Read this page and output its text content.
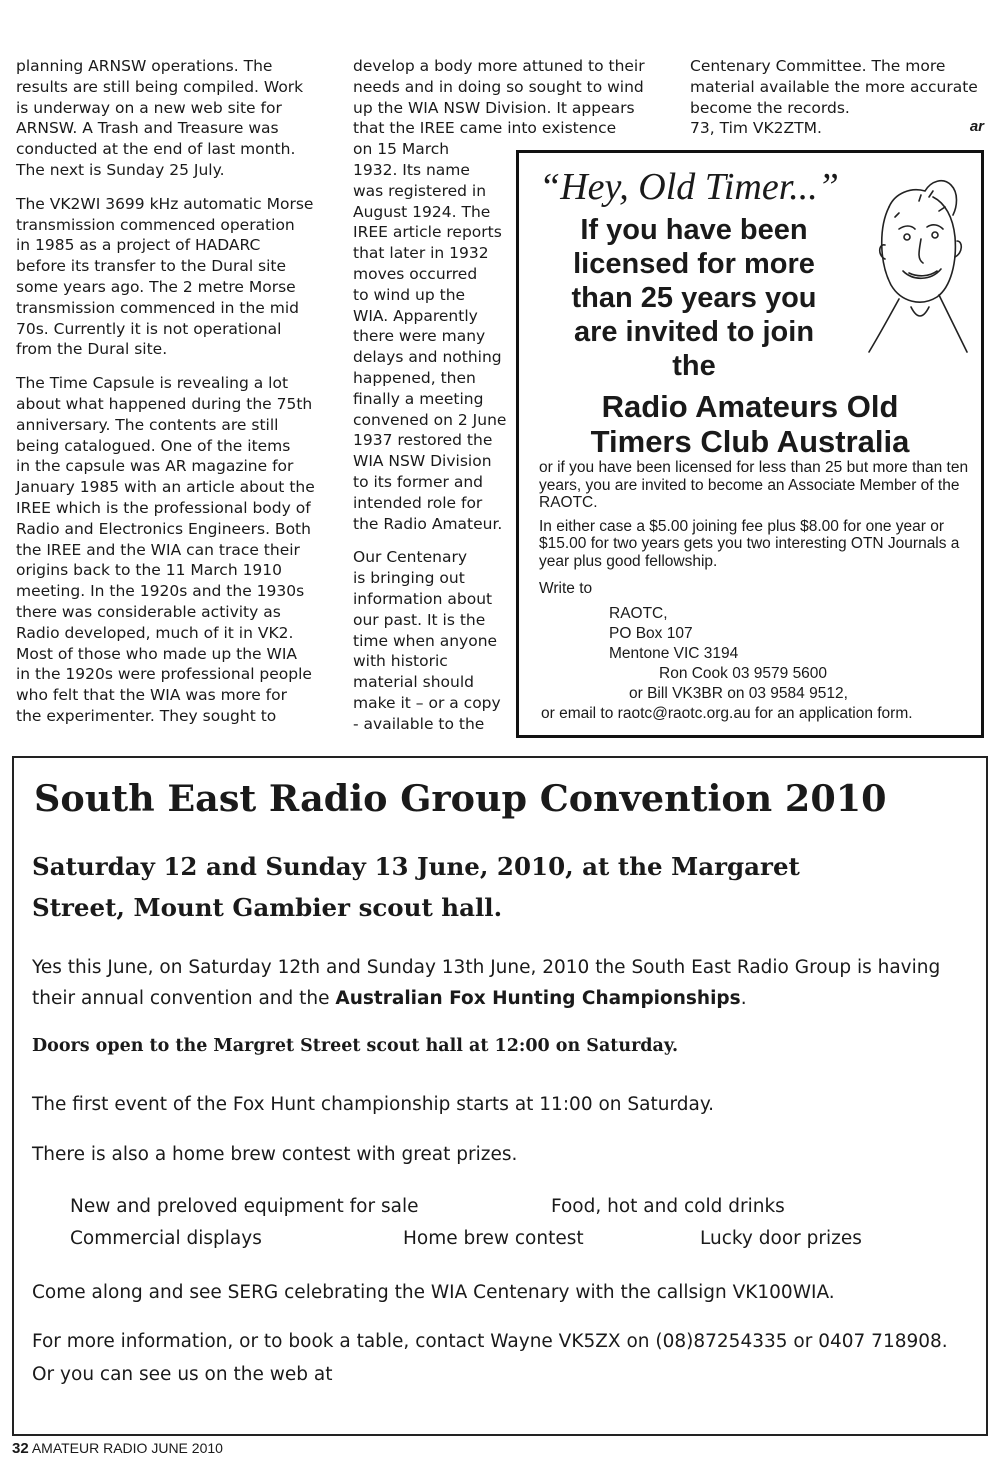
planning ARNSW operations. The

results are still being compiled. Work

is underway on a new web site for

ARNSW. A Trash and Treasure was

conducted at the end of last month.

The next is Sunday 25 July.

The VK2WI 3699 kHz automatic Morse

transmission commenced operation

in 1985 as a project of HADARC

before its transfer to the Dural site

some years ago. The 2 metre Morse

transmission commenced in the mid

70s. Currently it is not operational

from the Dural site.

The Time Capsule is revealing a lot

about what happened during the 75th

anniversary. The contents are still

being catalogued. One of the items

in the capsule was AR magazine for

January 1985 with an article about the

IREE which is the professional body of

Radio and Electronics Engineers. Both

the IREE and the WIA can trace their

origins back to the 11 March 1910

meeting. In the 1920s and the 1930s

there was considerable activity as

Radio developed, much of it in VK2.

Most of those who made up the WIA

in the 1920s were professional people

who felt that the WIA was more for

the experimenter. They sought to

develop a body more attuned to their

needs and in doing so sought to wind

up the WIA NSW Division. It appears

that the IREE came into existence

on 15 March

1932. Its name

was registered in

August 1924. The

IREE article reports

that later in 1932

moves occurred

to wind up the

WIA. Apparently

there were many

delays and nothing

happened, then

finally a meeting

convened on 2 June

1937 restored the

WIA NSW Division

to its former and

intended role for

the Radio Amateur.

Our Centenary

is bringing out

information about

our past. It is the

time when anyone

with historic

material should

make it – or a copy

- available to the

Centenary Committee. The more

material available the more accurate

become the records.

73, Tim VK2ZTM.	ar
“Hey, Old Timer...”
If you have been
licensed for more
than 25 years you
are invited to join
the
Radio Amateurs Old
Timers Club Australia
or if you have been licensed for less than 25 but more than ten years, you are invited to become an Associate Member of the RAOTC.
In either case a $5.00 joining fee plus $8.00 for one year or $15.00 for two years gets you two interesting OTN Journals a year plus good fellowship.
Write to
RAOTC,
PO Box 107
Mentone VIC 3194
Ron Cook 03 9579 5600
or Bill VK3BR on 03 9584 9512,
or email to raotc@raotc.org.au for an application form.
South East Radio Group Convention 2010
Saturday 12 and Sunday 13 June, 2010, at the Margaret
Street, Mount Gambier scout hall.
Yes this June, on Saturday 12th and Sunday 13th June, 2010 the South East Radio Group is having
their annual convention and the Australian Fox Hunting Championships.
Doors open to the Margret Street scout hall at 12:00 on Saturday.
The first event of the Fox Hunt championship starts at 11:00 on Saturday.
There is also a home brew contest with great prizes.
New and preloved equipment for sale	Food, hot and cold drinks
Commercial displays	Home brew contest	Lucky door prizes
Come along and see SERG celebrating the WIA Centenary with the callsign VK100WIA.
For more information, or to book a table, contact Wayne VK5ZX on (08)87254335 or 0407 718908.
Or you can see us on the web at
32 AMATEUR RADIO JUNE 2010
